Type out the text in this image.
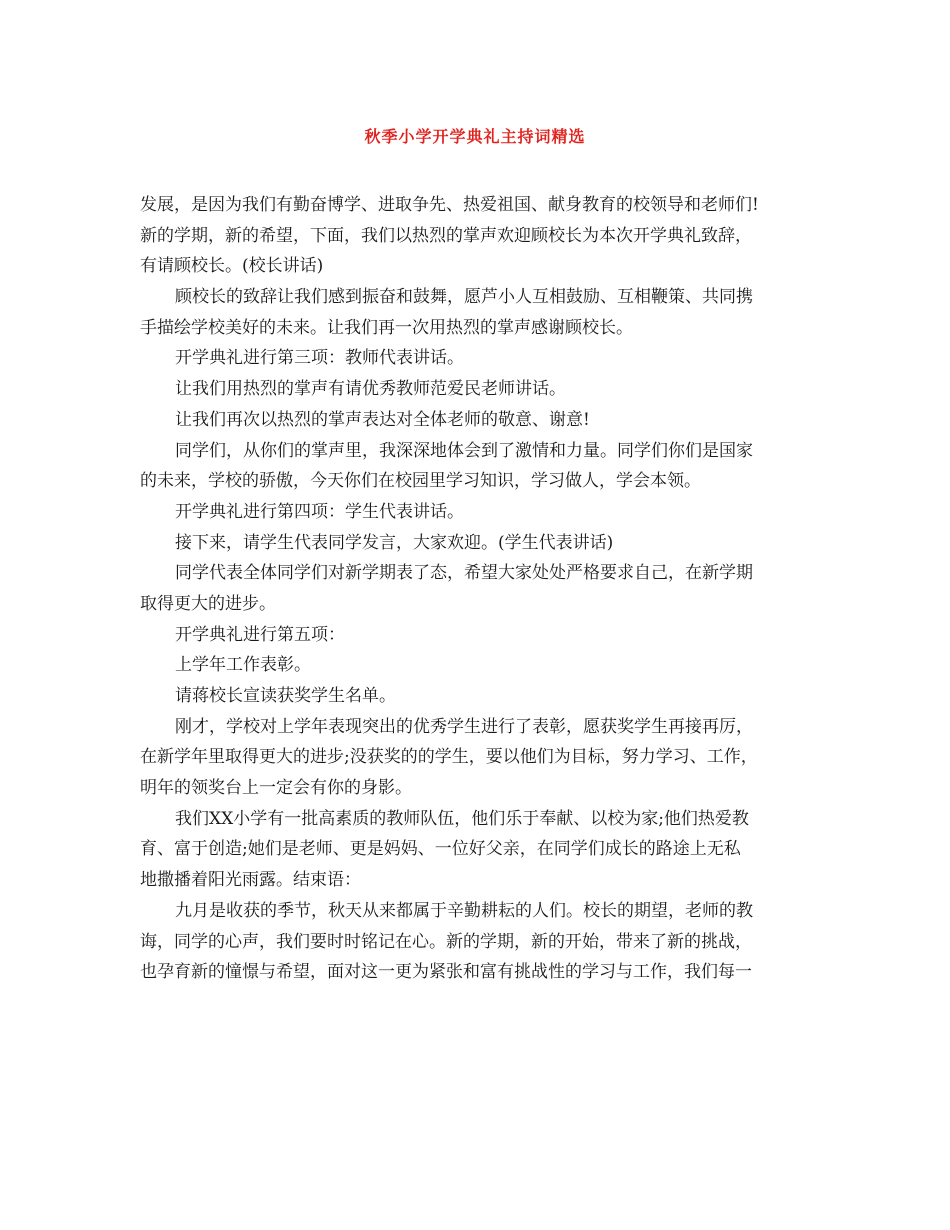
秋季小学开学典礼主持词精选
发展，是因为我们有勤奋博学、进取争先、热爱祖国、献身教育的校领导和老师们!
新的学期，新的希望，下面，我们以热烈的掌声欢迎顾校长为本次开学典礼致辞，
有请顾校长。(校长讲话)
顾校长的致辞让我们感到振奋和鼓舞，愿芦小人互相鼓励、互相鞭策、共同携
手描绘学校美好的未来。让我们再一次用热烈的掌声感谢顾校长。
开学典礼进行第三项：教师代表讲话。
让我们用热烈的掌声有请优秀教师范爱民老师讲话。
让我们再次以热烈的掌声表达对全体老师的敬意、谢意!
同学们，从你们的掌声里，我深深地体会到了激情和力量。同学们你们是国家
的未来，学校的骄傲，今天你们在校园里学习知识，学习做人，学会本领。
开学典礼进行第四项：学生代表讲话。
接下来，请学生代表同学发言，大家欢迎。(学生代表讲话)
同学代表全体同学们对新学期表了态，希望大家处处严格要求自己，在新学期
取得更大的进步。
开学典礼进行第五项：
上学年工作表彰。
请蒋校长宣读获奖学生名单。
刚才，学校对上学年表现突出的优秀学生进行了表彰，愿获奖学生再接再厉，
在新学年里取得更大的进步;没获奖的的学生，要以他们为目标，努力学习、工作，
明年的领奖台上一定会有你的身影。
我们XX小学有一批高素质的教师队伍，他们乐于奉献、以校为家;他们热爱教
育、富于创造;她们是老师、更是妈妈、一位好父亲，在同学们成长的路途上无私
地撒播着阳光雨露。结束语：
九月是收获的季节，秋天从来都属于辛勤耕耘的人们。校长的期望，老师的教
诲，同学的心声，我们要时时铭记在心。新的学期，新的开始，带来了新的挑战，
也孕育新的憧憬与希望，面对这一更为紧张和富有挑战性的学习与工作，我们每一
